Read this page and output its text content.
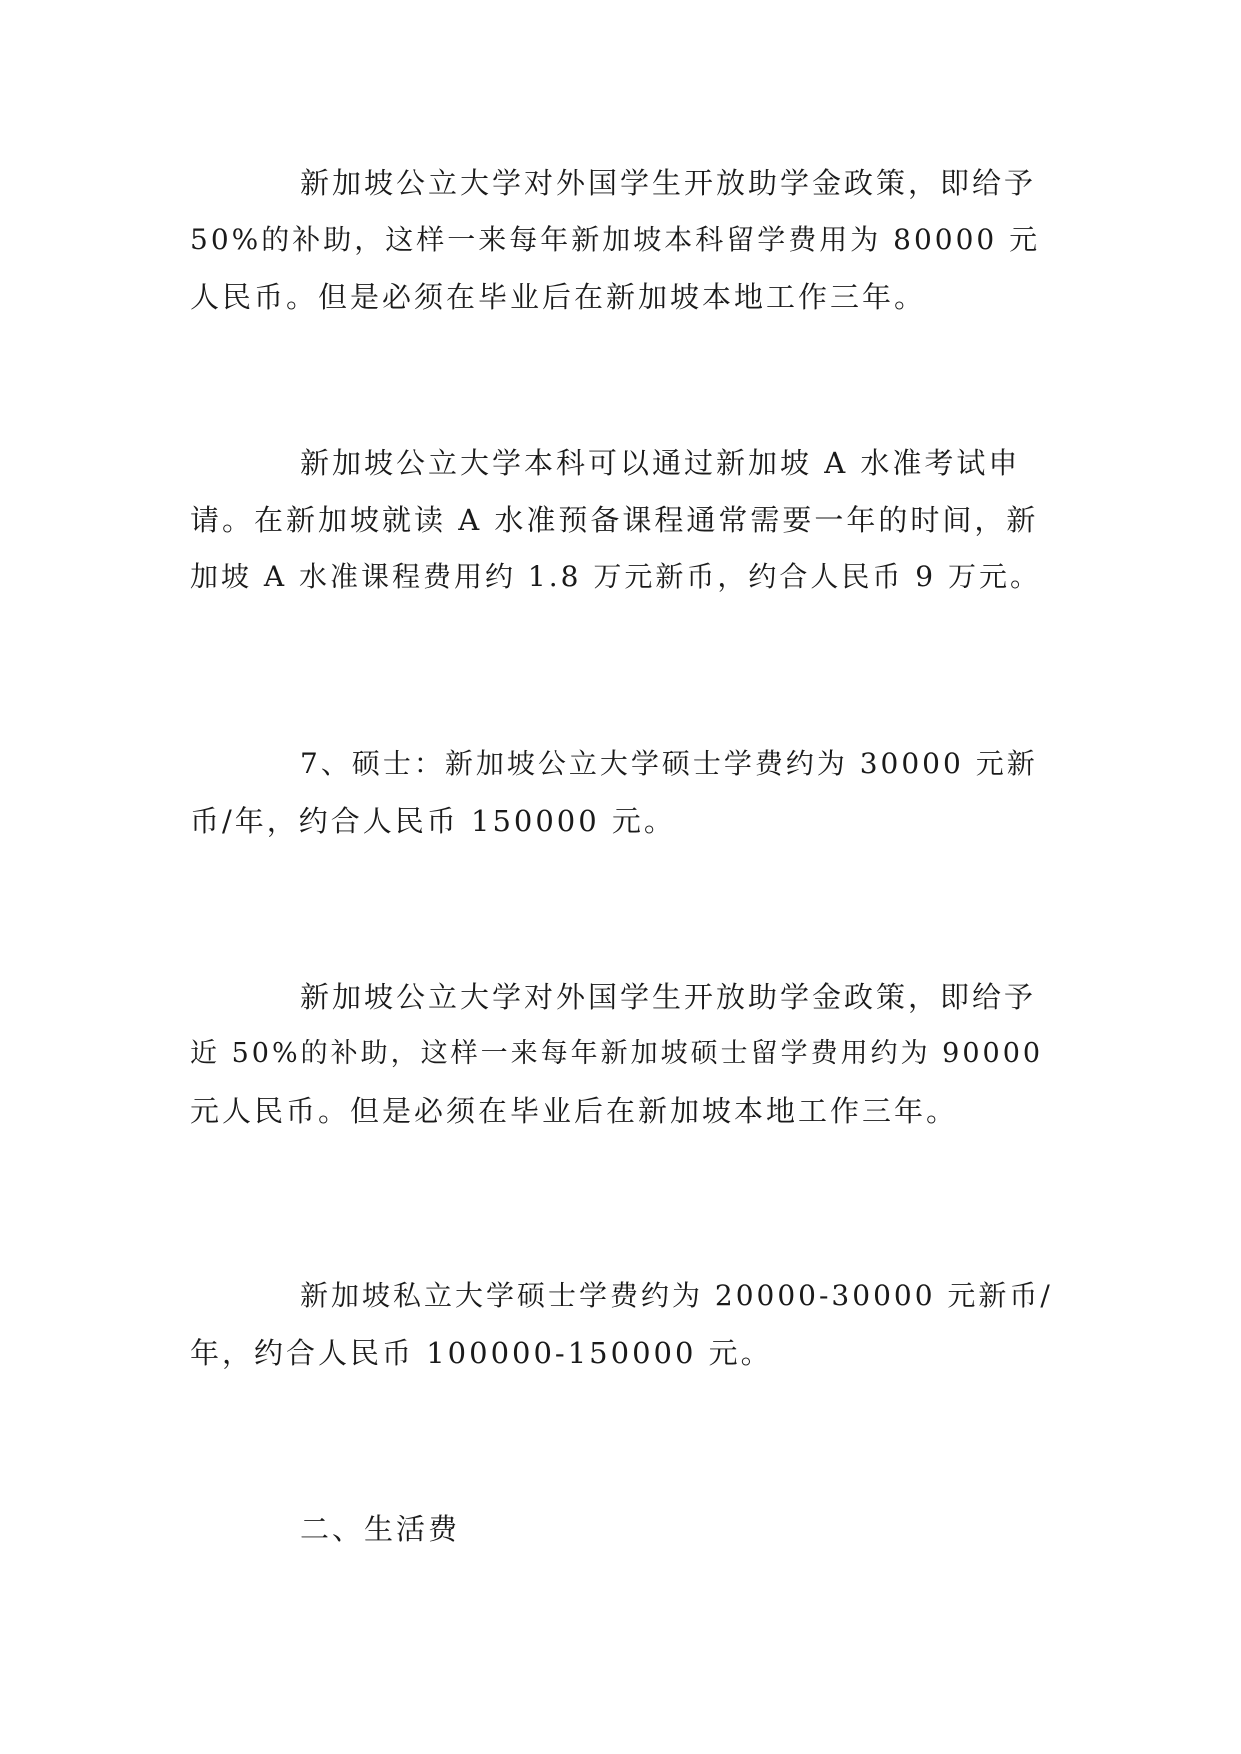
新加坡公立大学对外国学生开放助学金政策，即给予
50%的补助，这样一来每年新加坡本科留学费用为 80000 元
人民币。但是必须在毕业后在新加坡本地工作三年。
新加坡公立大学本科可以通过新加坡 A 水准考试申
请。在新加坡就读 A 水准预备课程通常需要一年的时间，新
加坡 A 水准课程费用约 1.8 万元新币，约合人民币 9 万元。
7、硕士：新加坡公立大学硕士学费约为 30000 元新
币/年，约合人民币 150000 元。
新加坡公立大学对外国学生开放助学金政策，即给予
近 50%的补助，这样一来每年新加坡硕士留学费用约为 90000
元人民币。但是必须在毕业后在新加坡本地工作三年。
新加坡私立大学硕士学费约为 20000-30000 元新币/
年，约合人民币 100000-150000 元。
二、生活费
